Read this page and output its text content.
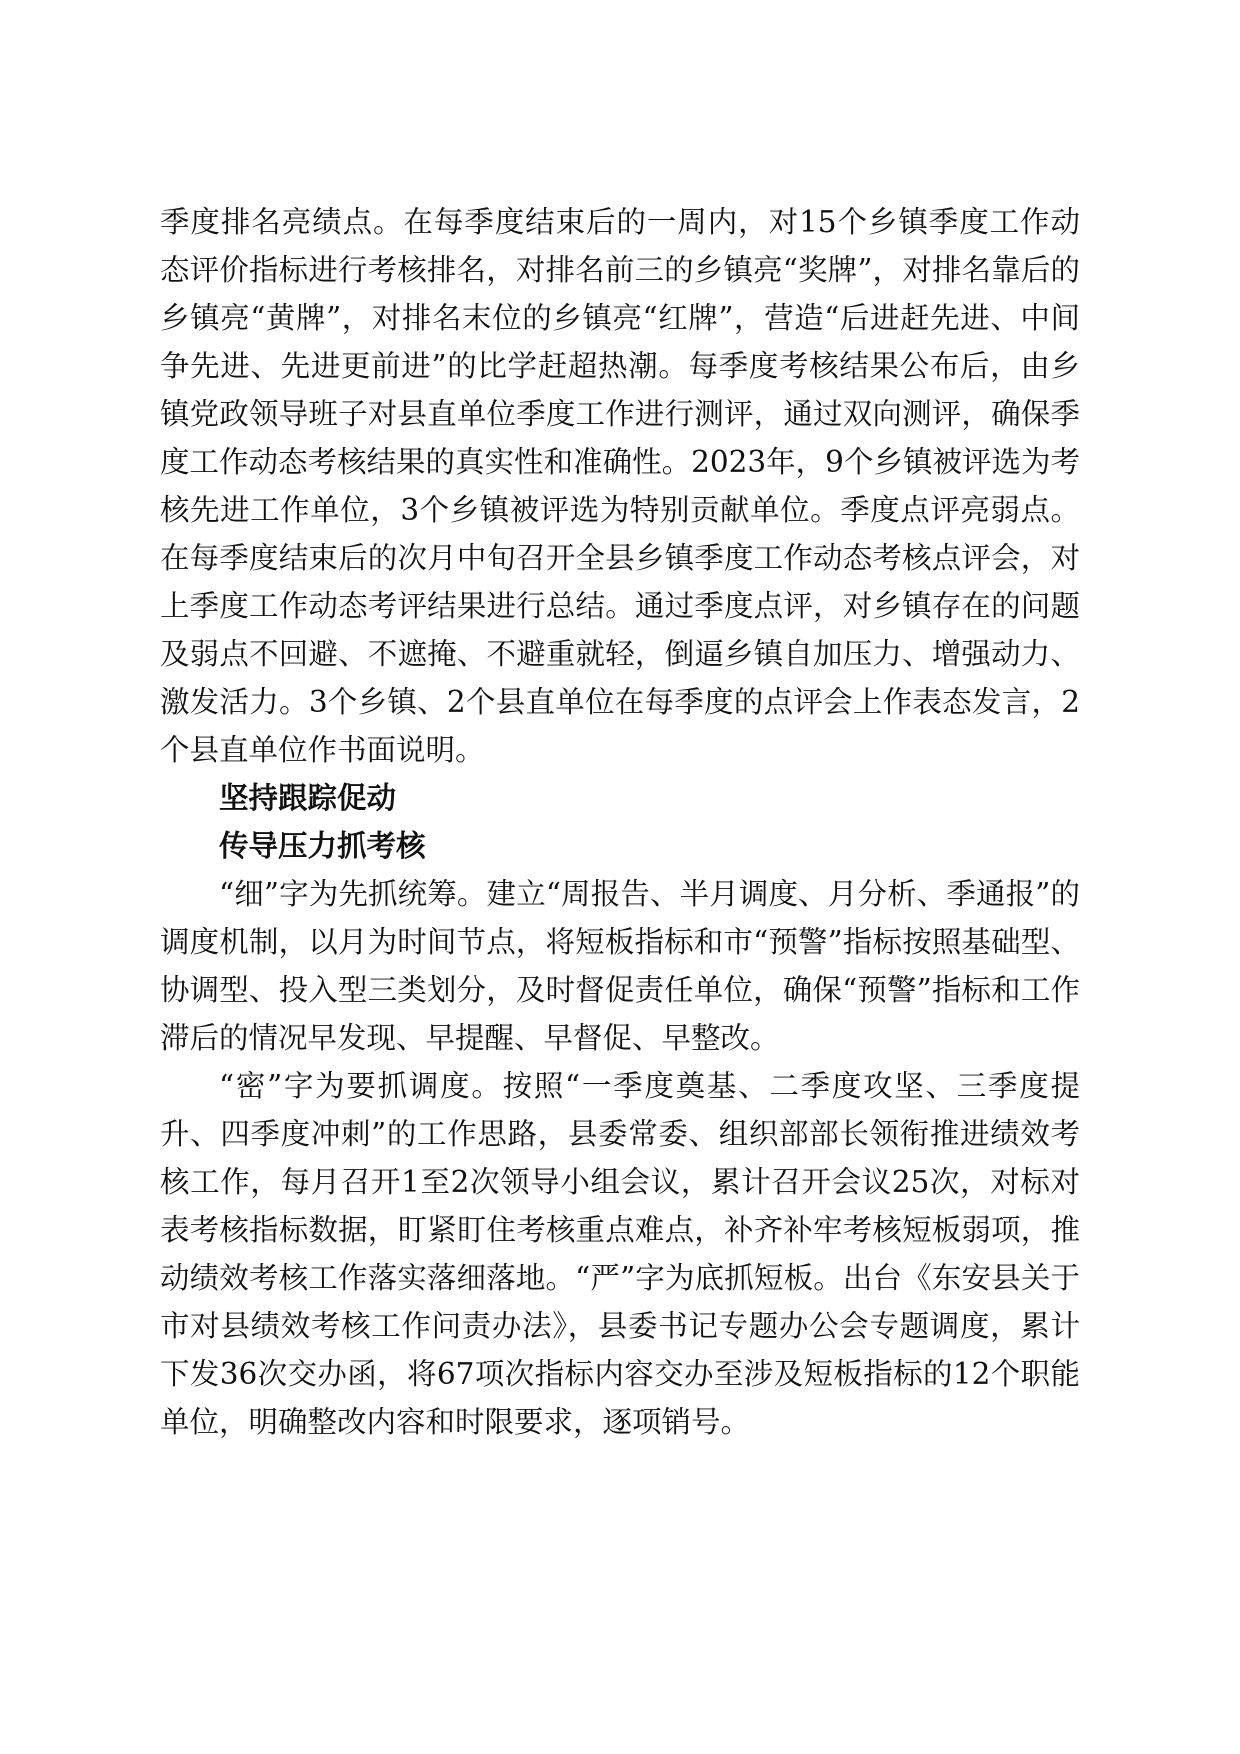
季度排名亮绩点。在每季度结束后的一周内，对15个乡镇季度工作动态评价指标进行考核排名，对排名前三的乡镇亮“奖牌”，对排名靠后的乡镇亮“黄牌”，对排名末位的乡镇亮“红牌”，营造“后进赶先进、中间争先进、先进更前进”的比学赶超热潮。每季度考核结果公布后，由乡镇党政领导班子对县直单位季度工作进行测评，通过双向测评，确保季度工作动态考核结果的真实性和准确性。2023年，9个乡镇被评选为考核先进工作单位，3个乡镇被评选为特别贡献单位。季度点评亮弱点。在每季度结束后的次月中旬召开全县乡镇季度工作动态考核点评会，对上季度工作动态考评结果进行总结。通过季度点评，对乡镇存在的问题及弱点不回避、不遮掩、不避重就轻，倒逼乡镇自加压力、增强动力、激发活力。3个乡镇、2个县直单位在每季度的点评会上作表态发言，2个县直单位作书面说明。

坚持跟踪促动

传导压力抓考核

“细”字为先抓统筹。建立“周报告、半月调度、月分析、季通报”的调度机制，以月为时间节点，将短板指标和市“预警”指标按照基础型、协调型、投入型三类划分，及时督促责任单位，确保“预警”指标和工作滞后的情况早发现、早提醒、早督促、早整改。

“密”字为要抓调度。按照“一季度奠基、二季度攻坚、三季度提升、四季度冲刺”的工作思路，县委常委、组织部部长领衔推进绩效考核工作，每月召开1至2次领导小组会议，累计召开会议25次，对标对表考核指标数据，盯紧盯住考核重点难点，补齐补牢考核短板弱项，推动绩效考核工作落实落细落地。“严”字为底抓短板。出台《东安县关于市对县绩效考核工作问责办法》，县委书记专题办公会专题调度，累计下发36次交办函，将67项次指标内容交办至涉及短板指标的12个职能单位，明确整改内容和时限要求，逐项销号。
